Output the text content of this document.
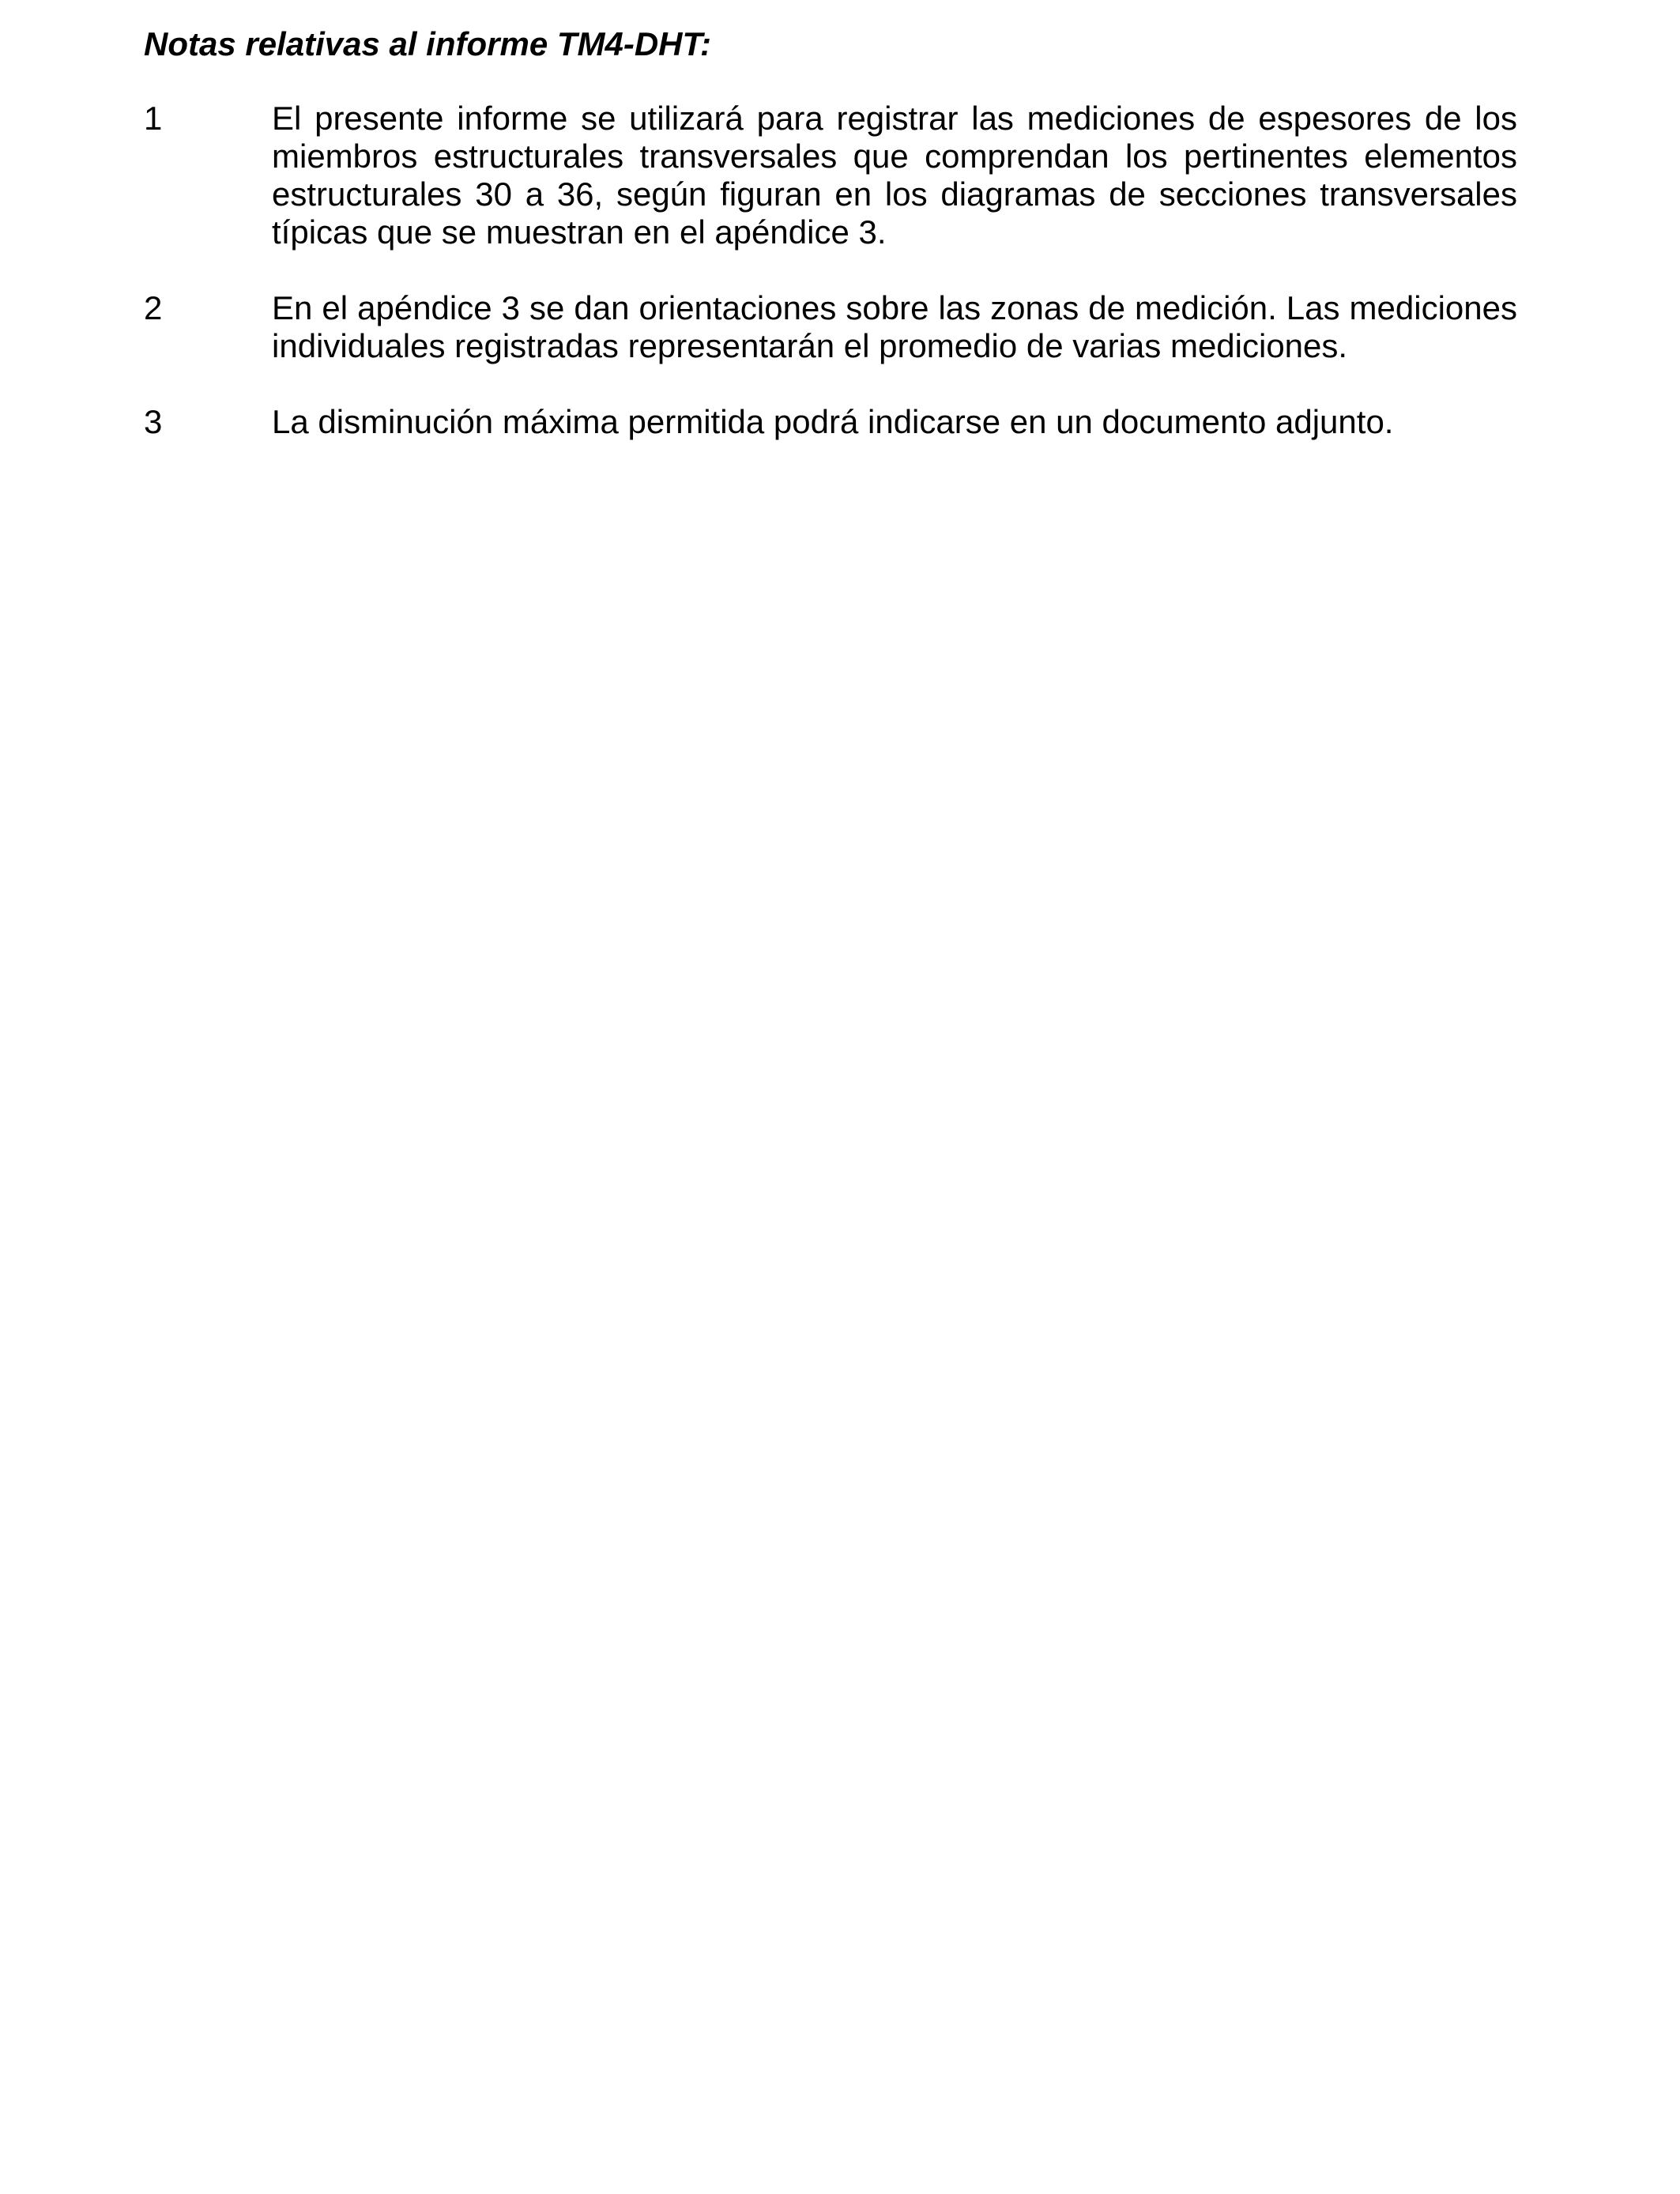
Notas relativas al informe TM4-DHT:
1	El presente informe se utilizará para registrar las mediciones de espesores de los miembros estructurales transversales que comprendan los pertinentes elementos estructurales 30 a 36, según figuran en los diagramas de secciones transversales típicas que se muestran en el apéndice 3.
2	En el apéndice 3 se dan orientaciones sobre las zonas de medición. Las mediciones individuales registradas representarán el promedio de varias mediciones.
3	La disminución máxima permitida podrá indicarse en un documento adjunto.
